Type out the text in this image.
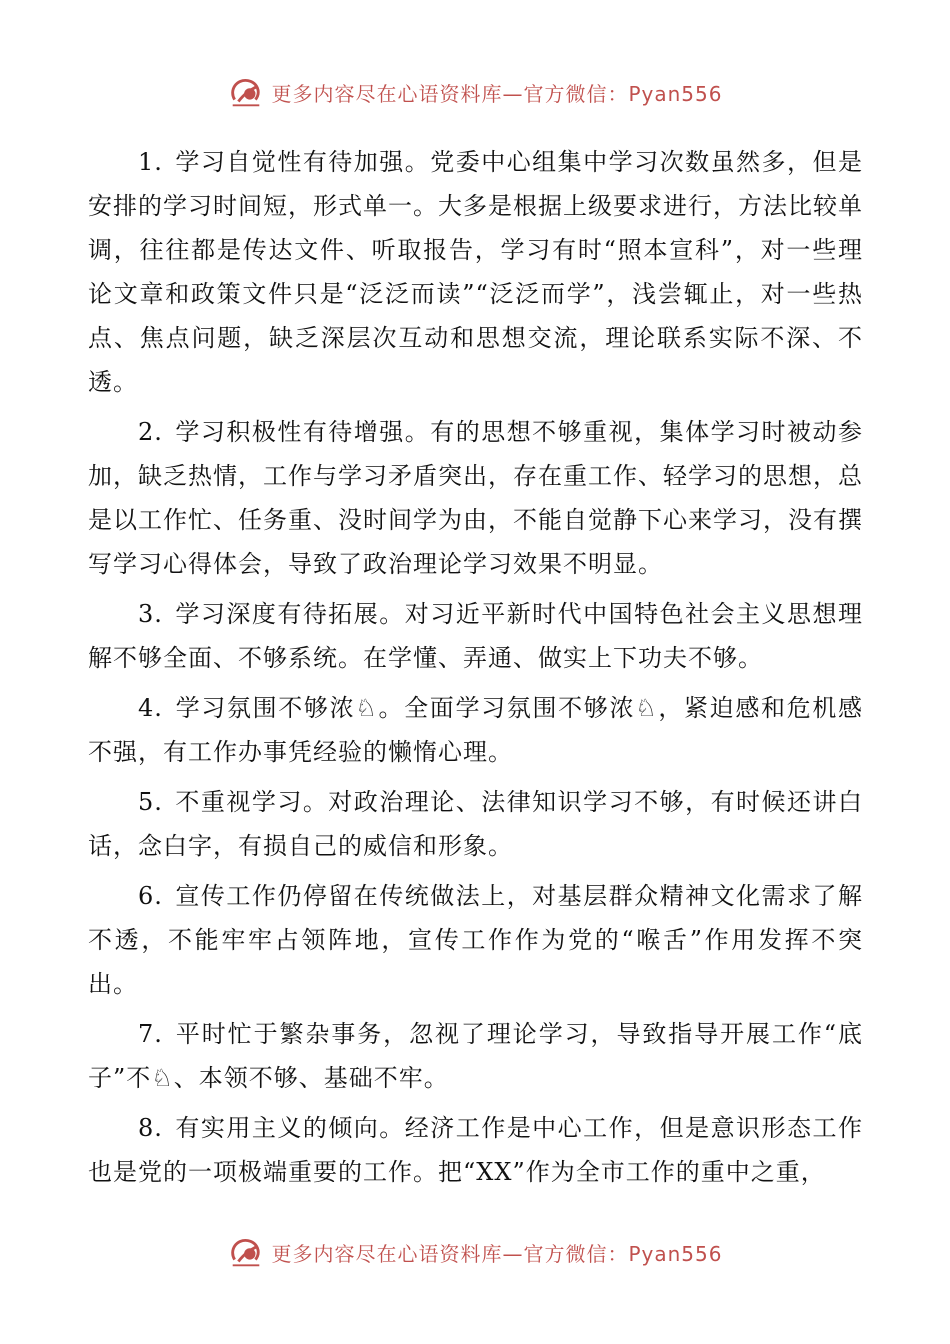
更多内容尽在心语资料库—官方微信：Pyan556

1. 学习自觉性有待加强。党委中心组集中学习次数虽然多，但是安排的学习时间短，形式单一。大多是根据上级要求进行，方法比较单调，往往都是传达文件、听取报告，学习有时“照本宣科”，对一些理论文章和政策文件只是“泛泛而读”“泛泛而学”，浅尝辄止，对一些热点、焦点问题，缺乏深层次互动和思想交流，理论联系实际不深、不透。

2. 学习积极性有待增强。有的思想不够重视，集体学习时被动参加，缺乏热情，工作与学习矛盾突出，存在重工作、轻学习的思想，总是以工作忙、任务重、没时间学为由，不能自觉静下心来学习，没有撰写学习心得体会，导致了政治理论学习效果不明显。

3. 学习深度有待拓展。对习近平新时代中国特色社会主义思想理解不够全面、不够系统。在学懂、弄通、做实上下功夫不够。

4. 学习氛围不够浓♘。全面学习氛围不够浓♘，紧迫感和危机感不强，有工作办事凭经验的懒惰心理。

5. 不重视学习。对政治理论、法律知识学习不够，有时候还讲白话，念白字，有损自己的威信和形象。

6. 宣传工作仍停留在传统做法上，对基层群众精神文化需求了解不透，不能牢牢占领阵地，宣传工作作为党的“喉舌”作用发挥不突出。

7. 平时忙于繁杂事务，忽视了理论学习，导致指导开展工作“底子”不♘、本领不够、基础不牢。

8. 有实用主义的倾向。经济工作是中心工作，但是意识形态工作也是党的一项极端重要的工作。把“XX”作为全市工作的重中之重，

更多内容尽在心语资料库—官方微信：Pyan556
